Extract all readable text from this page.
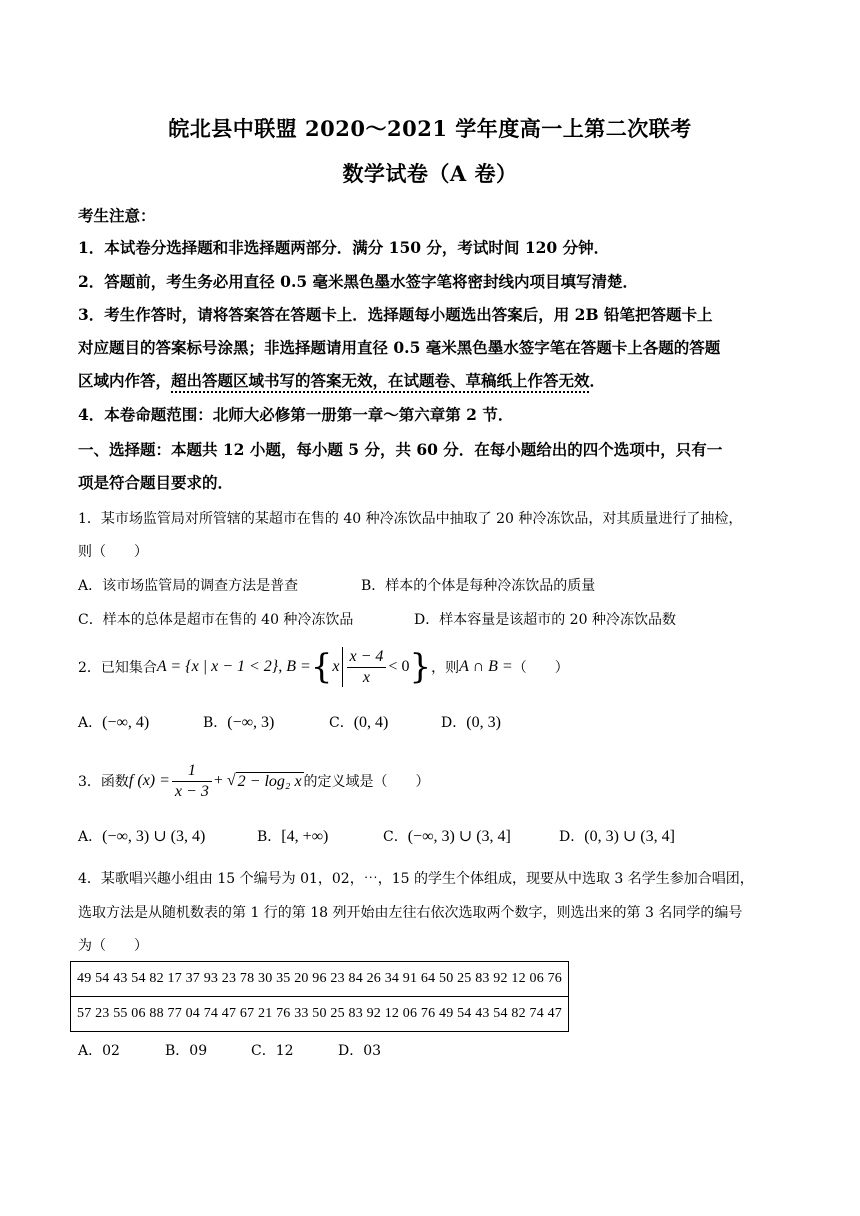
皖北县中联盟 2020～2021 学年度高一上第二次联考
数学试卷（A 卷）
考生注意：
1．本试卷分选择题和非选择题两部分．满分 150 分，考试时间 120 分钟．
2．答题前，考生务必用直径 0.5 毫米黑色墨水签字笔将密封线内项目填写清楚．
3．考生作答时，请将答案答在答题卡上．选择题每小题选出答案后，用 2B 铅笔把答题卡上
对应题目的答案标号涂黑；非选择题请用直径 0.5 毫米黑色墨水签字笔在答题卡上各题的答题
区域内作答，超出答题区域书写的答案无效，在试题卷、草稿纸上作答无效．
4．本卷命题范围：北师大必修第一册第一章～第六章第 2 节．
一、选择题：本题共 12 小题，每小题 5 分，共 60 分．在每小题给出的四个选项中，只有一
项是符合题目要求的．
1．某市场监管局对所管辖的某超市在售的 40 种冷冻饮品中抽取了 20 种冷冻饮品，对其质量进行了抽检，
则（　　）
A．该市场监管局的调查方法是普查	B．样本的个体是每种冷冻饮品的质量
C．样本的总体是超市在售的 40 种冷冻饮品	D．样本容量是该超市的 20 种冷冻饮品数
2．已知集合 A = {x | x − 1 < 2}, B = { x $\frac{x - 4}{x} < 0$ } ，则 A ∩ B = （　　）
A．(−∞, 4)	B．(−∞, 3)	C．(0, 4)	D．(0, 3)
3．函数 f $(x) = \frac{1}{x - 3}$ + √ 2 − log₂ x 的定义域是（　　）
A．(−∞, 3) ∪ (3, 4)	B．[4, +∞)	C．(−∞, 3) ∪ (3, 4]	D．(0, 3) ∪ (3, 4]
4．某歌唱兴趣小组由 15 个编号为 01，02，⋯，15 的学生个体组成，现要从中选取 3 名学生参加合唱团，
选取方法是从随机数表的第 1 行的第 18 列开始由左往右依次选取两个数字，则选出来的第 3 名同学的编号
为（　　）
49 54 43 54 82 17 37 93 23 78 30 35 20 96 23 84 26 34 91 64 50 25 83 92 12 06 76
57 23 55 06 88 77 04 74 47 67 21 76 33 50 25 83 92 12 06 76 49 54 43 54 82 74 47
A．02	B．09	C．12	D．03
